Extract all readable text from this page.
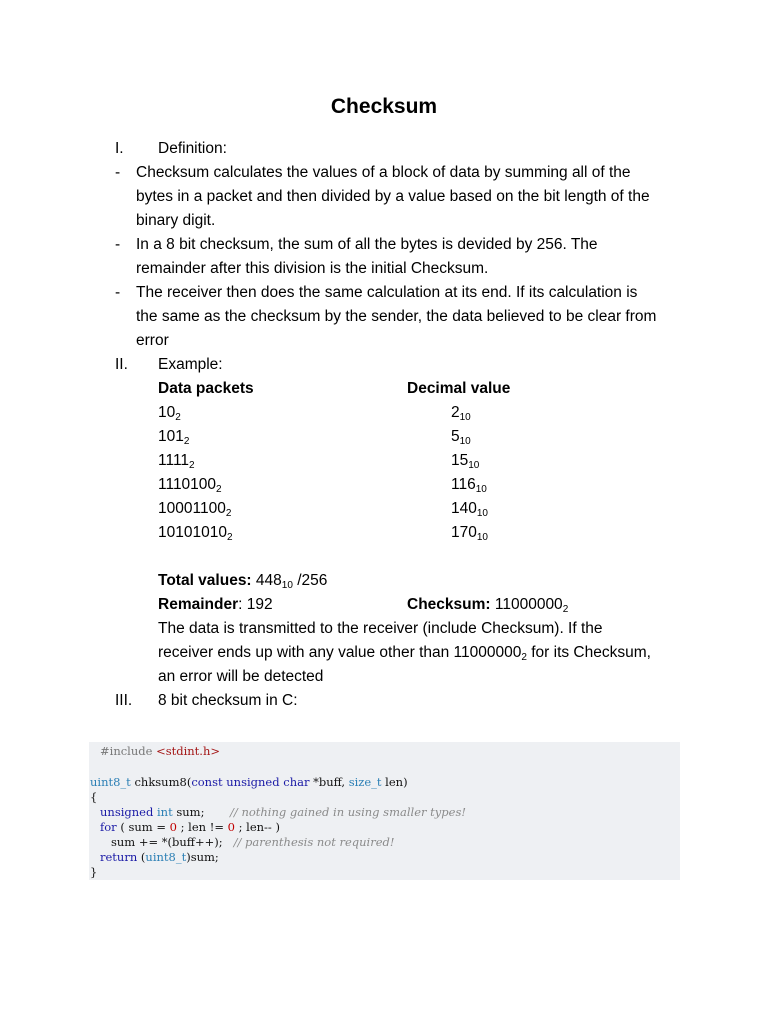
Checksum
I. Definition:
- Checksum calculates the values of a block of data by summing all of the
bytes in a packet and then divided by a value based on the bit length of the
binary digit.
- In a 8 bit checksum, the sum of all the bytes is devided by 256. The
remainder after this division is the initial Checksum.
- The receiver then does the same calculation at its end. If its calculation is
the same as the checksum by the sender, the data believed to be clear from
error
II. Example:
Data packets	Decimal value
$10_2$	$2_{10}$
$101_2$	$5_{10}$
$1111_2$	$15_{10}$
$1110100_2$	$116_{10}$
$10001100_2$	$140_{10}$
$10101010_2$	$170_{10}$
Total values: $448_{10}$ /256
Remainder: 192	Checksum: $11000000_2$
The data is transmitted to the receiver (include Checksum). If the
receiver ends up with any value other than $11000000_2$ for its Checksum,
an error will be detected
III. 8 bit checksum in C:
#include <stdint.h>
uint8_t chksum8(const unsigned char *buff, size_t len)
{
unsigned int sum;       // nothing gained in using smaller types!
for ( sum = 0 ; len != 0 ; len-- )
sum += *(buff++);   // parenthesis not required!
return (uint8_t)sum;
}
